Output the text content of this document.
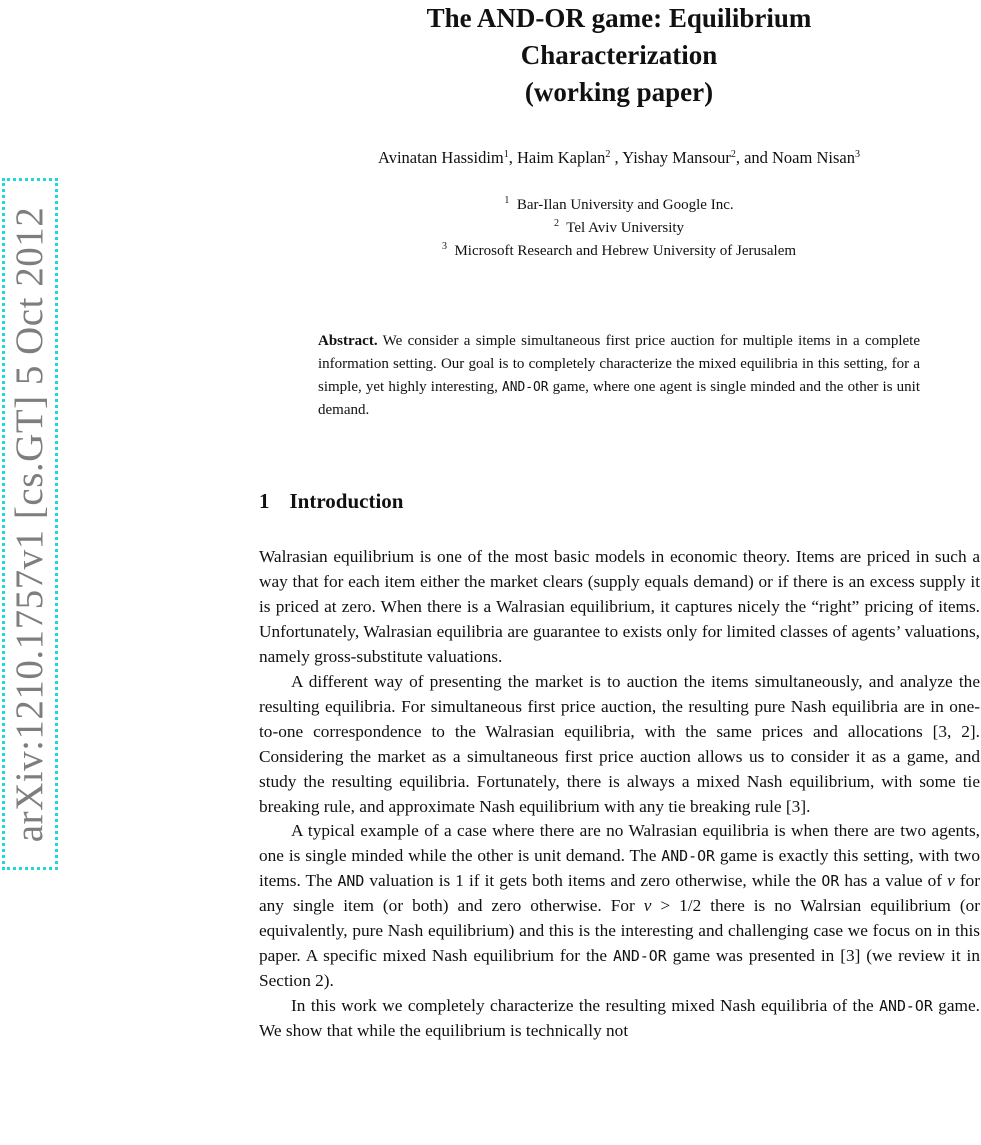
arXiv:1210.1757v1 [cs.GT] 5 Oct 2012
The AND-OR game: Equilibrium
Characterization
(working paper)
Avinatan Hassidim$^1$, Haim Kaplan$^2$ , Yishay Mansour$^2$, and Noam Nisan$^3$
$^1$ Bar-Ilan University and Google Inc.
$^2$ Tel Aviv University
$^3$ Microsoft Research and Hebrew University of Jerusalem
Abstract. We consider a simple simultaneous first price auction for multiple items in a complete information setting. Our goal is to completely characterize the mixed equilibria in this setting, for a simple, yet highly interesting, AND-OR game, where one agent is single minded and the other is unit demand.
1 Introduction

Walrasian equilibrium is one of the most basic models in economic theory. Items are priced in such a way that for each item either the market clears (supply equals demand) or if there is an excess supply it is priced at zero. When there is a Walrasian equilibrium, it captures nicely the “right” pricing of items. Unfortunately, Walrasian equilibria are guarantee to exists only for limited classes of agents’ valuations, namely gross-substitute valuations.

A different way of presenting the market is to auction the items simultaneously, and analyze the resulting equilibria. For simultaneous first price auction, the resulting pure Nash equilibria are in one-to-one correspondence to the Walrasian equilibria, with the same prices and allocations [3, 2]. Considering the market as a simultaneous first price auction allows us to consider it as a game, and study the resulting equilibria. Fortunately, there is always a mixed Nash equilibrium, with some tie breaking rule, and approximate Nash equilibrium with any tie breaking rule [3].

A typical example of a case where there are no Walrasian equilibria is when there are two agents, one is single minded while the other is unit demand. The AND-OR game is exactly this setting, with two items. The AND valuation is 1 if it gets both items and zero otherwise, while the OR has a value of v for any single item (or both) and zero otherwise. For v > 1/2 there is no Walrsian equilibrium (or equivalently, pure Nash equilibrium) and this is the interesting and challenging case we focus on in this paper. A specific mixed Nash equilibrium for the AND-OR game was presented in [3] (we review it in Section 2).

In this work we completely characterize the resulting mixed Nash equilibria of the AND-OR game. We show that while the equilibrium is technically not
